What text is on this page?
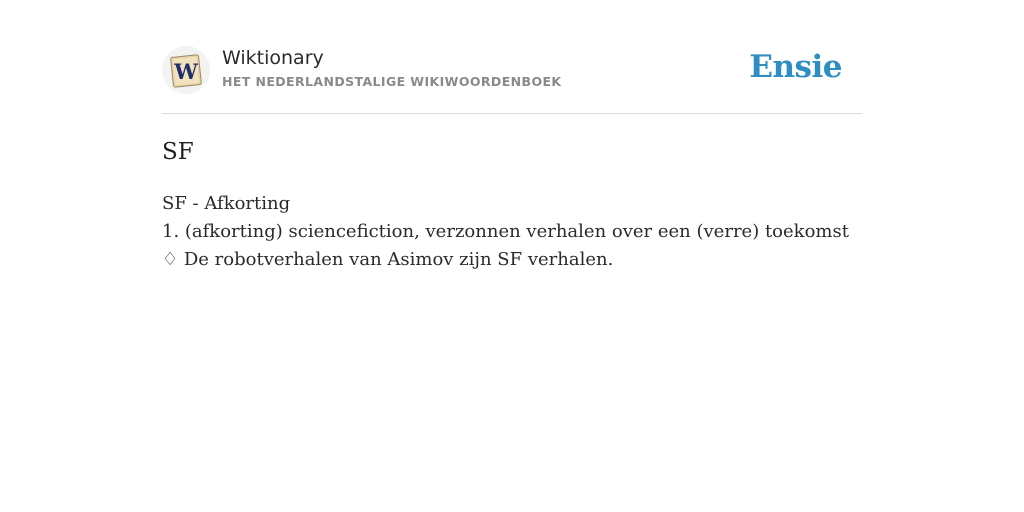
W
Wiktionary
HET NEDERLANDSTALIGE WIKIWOORDENBOEK	Ensie
SF
SF - Afkorting
1. (afkorting) sciencefiction, verzonnen verhalen over een (verre) toekomst
♢ De robotverhalen van Asimov zijn SF verhalen.
